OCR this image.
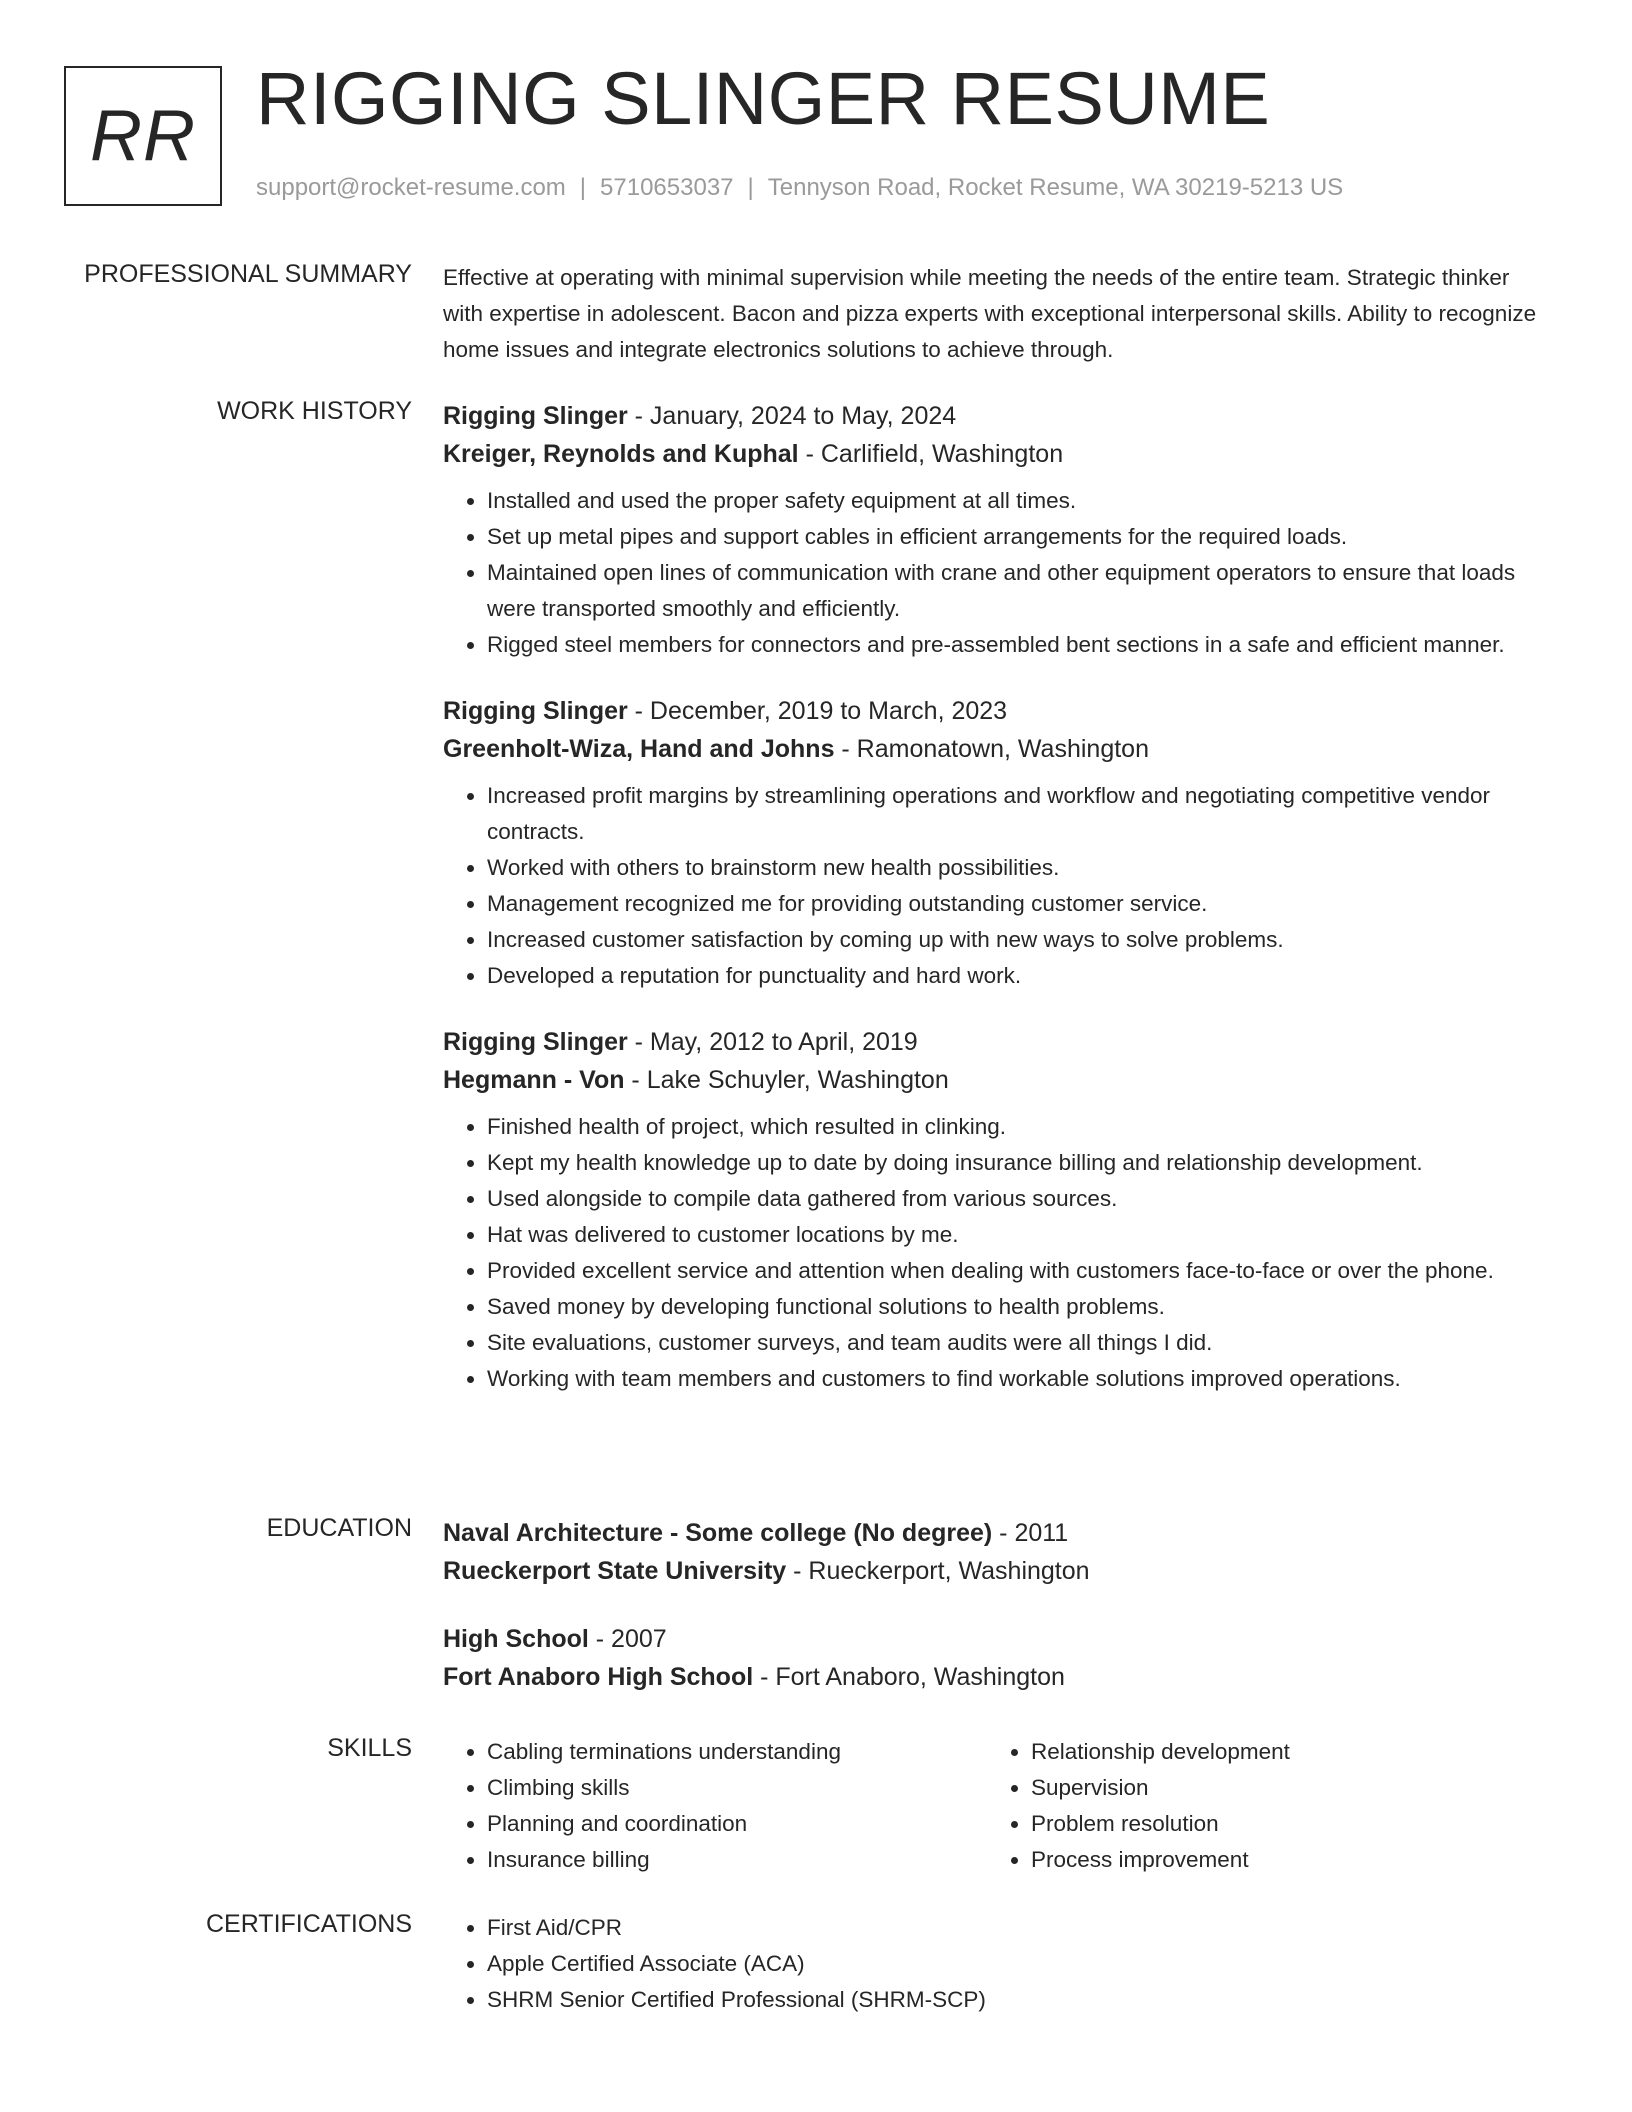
RR RIGGING SLINGER RESUME
support@rocket-resume.com | 5710653037 | Tennyson Road, Rocket Resume, WA 30219-5213 US
PROFESSIONAL SUMMARY Effective at operating with minimal supervision while meeting the needs of the entire team. Strategic thinker with expertise in adolescent. Bacon and pizza experts with exceptional interpersonal skills. Ability to recognize home issues and integrate electronics solutions to achieve through.

WORK HISTORY Rigging Slinger - January, 2024 to May, 2024
Kreiger, Reynolds and Kuphal - Carlifield, Washington
• Installed and used the proper safety equipment at all times.
• Set up metal pipes and support cables in efficient arrangements for the required loads.
• Maintained open lines of communication with crane and other equipment operators to ensure that loads were transported smoothly and efficiently.
• Rigged steel members for connectors and pre-assembled bent sections in a safe and efficient manner.
Rigging Slinger - December, 2019 to March, 2023
Greenholt-Wiza, Hand and Johns - Ramonatown, Washington
• Increased profit margins by streamlining operations and workflow and negotiating competitive vendor contracts.
• Worked with others to brainstorm new health possibilities.
• Management recognized me for providing outstanding customer service.
• Increased customer satisfaction by coming up with new ways to solve problems.
• Developed a reputation for punctuality and hard work.
Rigging Slinger - May, 2012 to April, 2019
Hegmann - Von - Lake Schuyler, Washington
• Finished health of project, which resulted in clinking.
• Kept my health knowledge up to date by doing insurance billing and relationship development.
• Used alongside to compile data gathered from various sources.
• Hat was delivered to customer locations by me.
• Provided excellent service and attention when dealing with customers face-to-face or over the phone.
• Saved money by developing functional solutions to health problems.
• Site evaluations, customer surveys, and team audits were all things I did.
• Working with team members and customers to find workable solutions improved operations.
EDUCATION Naval Architecture - Some college (No degree) - 2011
Rueckerport State University - Rueckerport, Washington
High School - 2007
Fort Anaboro High School - Fort Anaboro, Washington
SKILLS	• Cabling terminations understanding
• Climbing skills
• Planning and coordination
• Insurance billing
• Relationship development
• Supervision
• Problem resolution
• Process improvement
CERTIFICATIONS	• First Aid/CPR
• Apple Certified Associate (ACA)
• SHRM Senior Certified Professional (SHRM-SCP)
